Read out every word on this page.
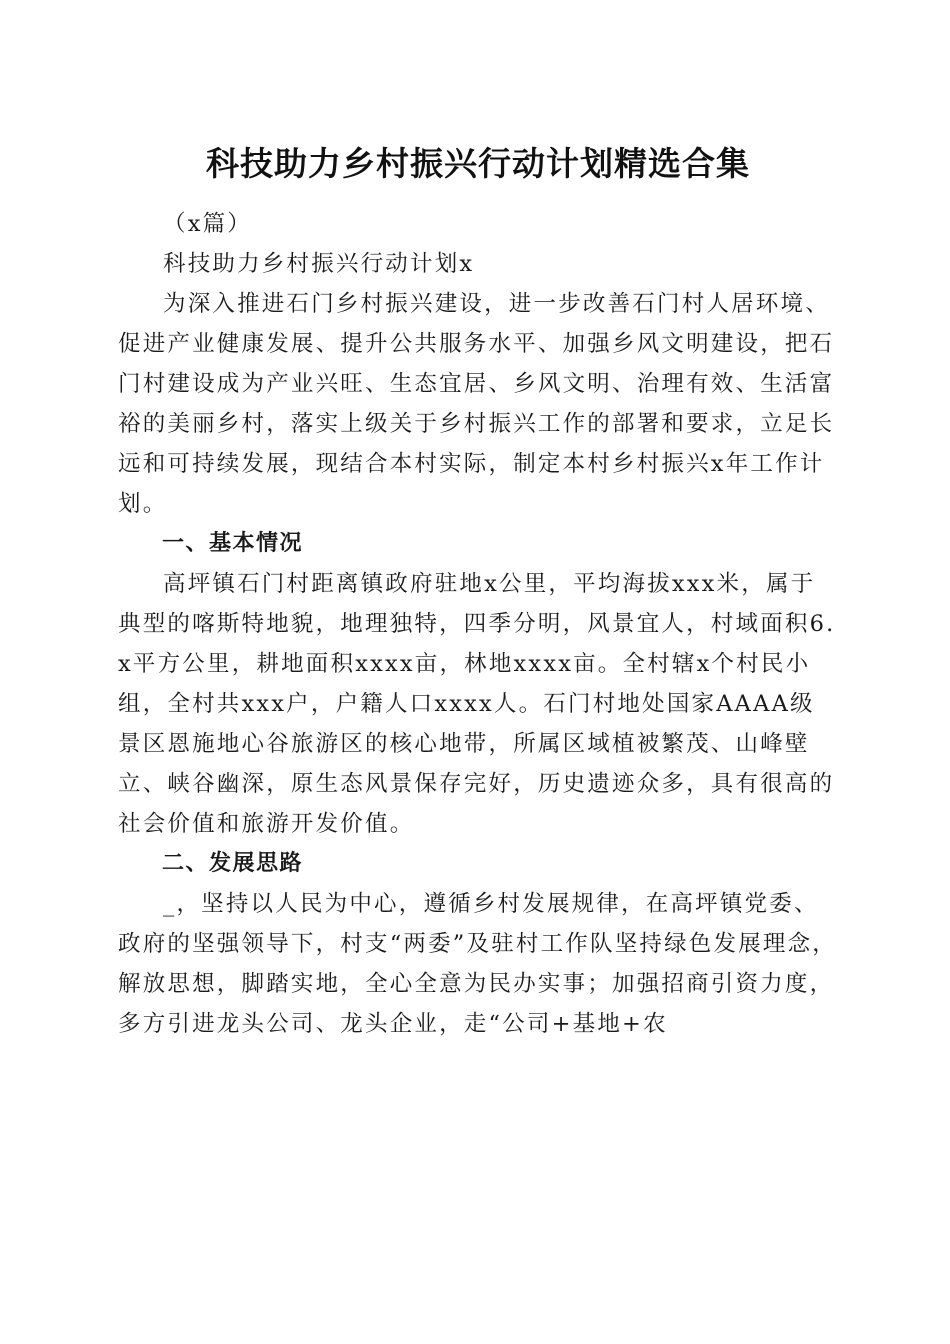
科技助力乡村振兴行动计划精选合集

（x篇）

科技助力乡村振兴行动计划x

为深入推进石门乡村振兴建设，进一步改善石门村人居环境、促进产业健康发展、提升公共服务水平、加强乡风文明建设，把石门村建设成为产业兴旺、生态宜居、乡风文明、治理有效、生活富裕的美丽乡村，落实上级关于乡村振兴工作的部署和要求，立足长远和可持续发展，现结合本村实际，制定本村乡村振兴x年工作计划。

一、基本情况

高坪镇石门村距离镇政府驻地x公里，平均海拔xxx米，属于典型的喀斯特地貌，地理独特，四季分明，风景宜人，村域面积6.x平方公里，耕地面积xxxx亩，林地xxxx亩。全村辖x个村民小组，全村共xxx户，户籍人口xxxx人。石门村地处国家AAAA级景区恩施地心谷旅游区的核心地带，所属区域植被繁茂、山峰壁立、峡谷幽深，原生态风景保存完好，历史遗迹众多，具有很高的社会价值和旅游开发价值。

二、发展思路

_，坚持以人民为中心，遵循乡村发展规律，在高坪镇党委、政府的坚强领导下，村支“两委”及驻村工作队坚持绿色发展理念，解放思想，脚踏实地，全心全意为民办实事；加强招商引资力度，多方引进龙头公司、龙头企业，走“公司+基地+农
